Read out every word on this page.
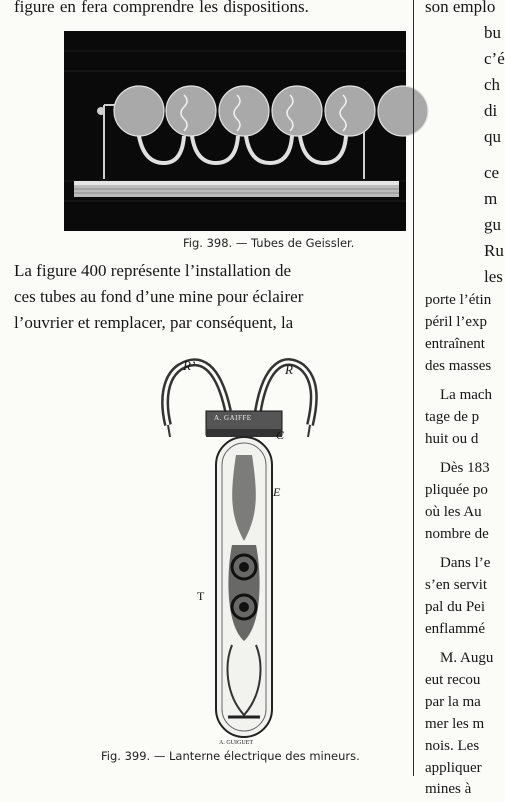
figure en fera comprendre les dispositions.
Fig. 398. — Tubes de Geissler.
La figure 400 représente l’installation de
ces tubes au fond d’une mine pour éclairer
l’ouvrier et remplacer, par conséquent, la
R’	R
A. GAIFFE
C
E
T
A. GUIGUET
Fig. 399. — Lanterne électrique des mineurs.
son emplo
bu
c’é
ch
di
qu
ce
m
gu
Ru
les
porte l’étin
péril l’exp
entraînent
des masses
La mach
tage de p
huit ou d
Dès 183
pliquée po
où les Au
nombre de
Dans l’e
s’en servit
pal du Pei
enflammé
M. Augu
eut recou
par la ma
mer les m
nois. Les
appliquer
mines à
